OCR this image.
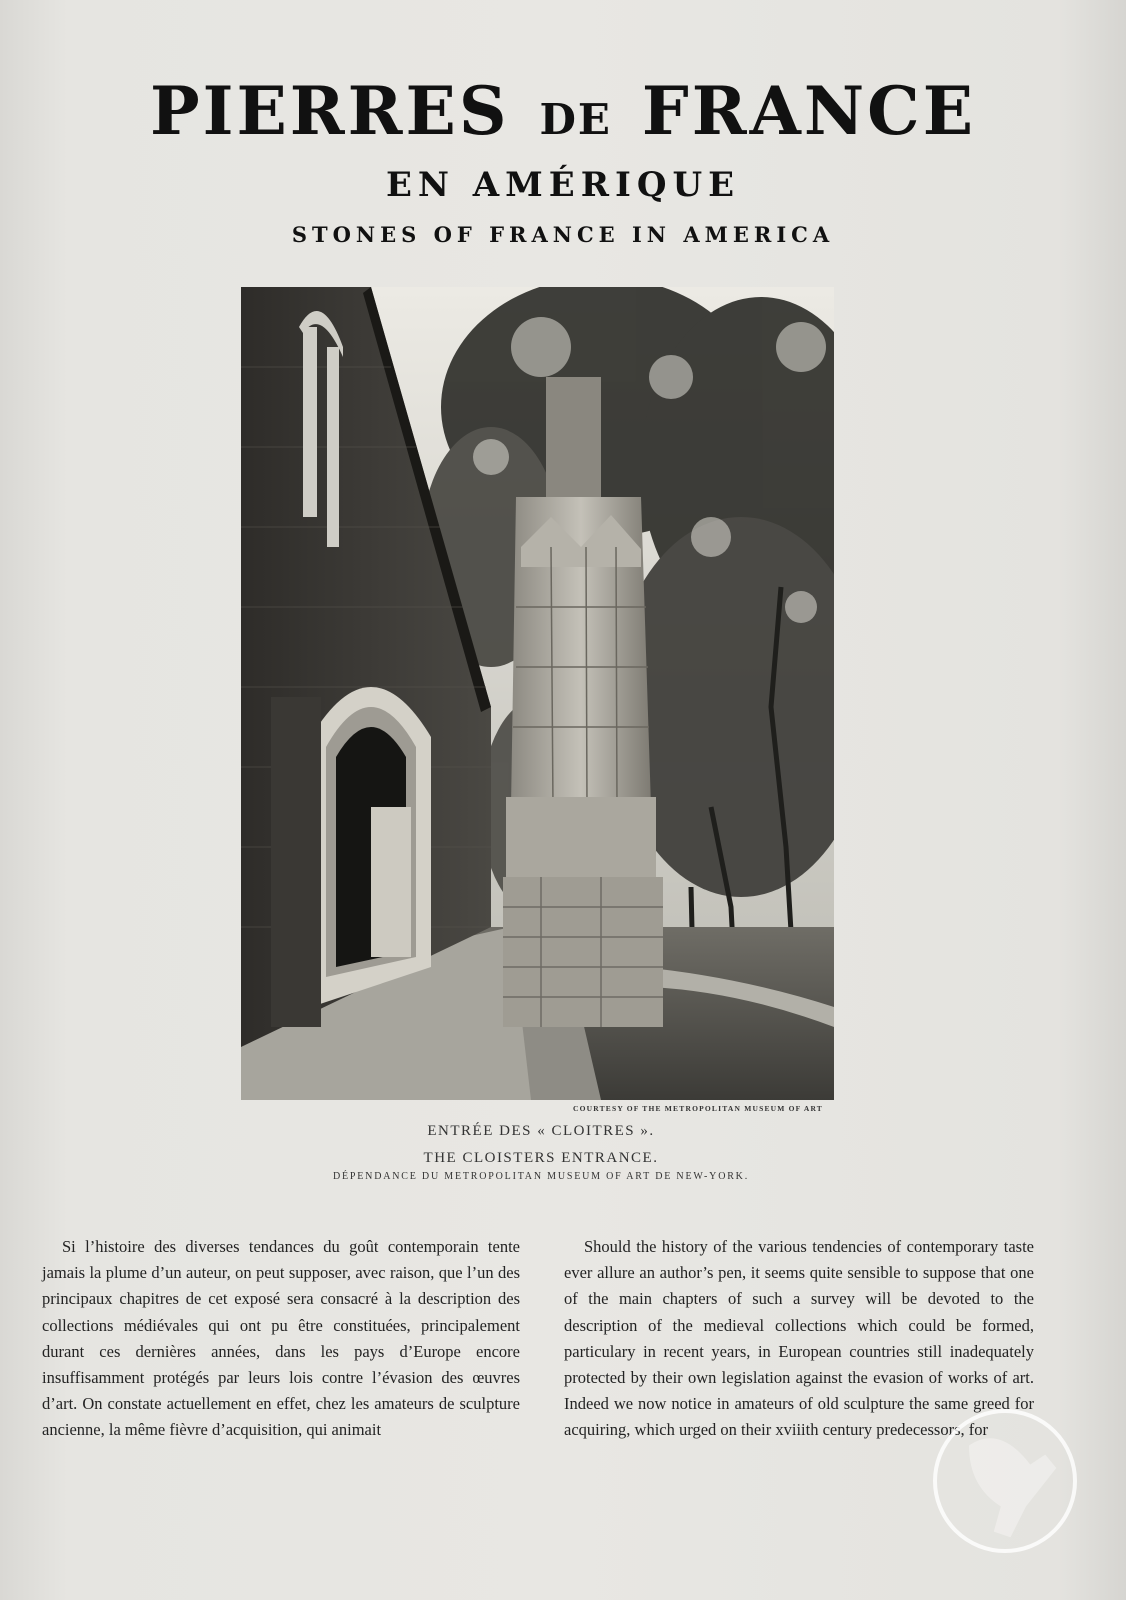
PIERRES DE FRANCE
EN AMÉRIQUE
STONES OF FRANCE IN AMERICA
COURTESY OF THE METROPOLITAN MUSEUM OF ART
ENTRÉE DES « CLOITRES ».
THE CLOISTERS ENTRANCE.
DÉPENDANCE DU METROPOLITAN MUSEUM OF ART DE NEW-YORK.

Si l’histoire des diverses tendances du goût contemporain tente jamais la plume d’un auteur, on peut supposer, avec raison, que l’un des principaux chapitres de cet exposé sera consacré à la description des collections médiévales qui ont pu être constituées, principalement durant ces dernières années, dans les pays d’Europe encore insuffisamment protégés par leurs lois contre l’évasion des œuvres d’art. On constate actuellement en effet, chez les amateurs de sculpture ancienne, la même fièvre d’acquisition, qui animait

Should the history of the various tendencies of contemporary taste ever allure an author’s pen, it seems quite sensible to suppose that one of the main chapters of such a survey will be devoted to the description of the medieval collections which could be formed, particulary in recent years, in European countries still inadequately protected by their own legislation against the evasion of works of art. Indeed we now notice in amateurs of old sculpture the same greed for acquiring, which urged on their xviiith century predecessors, for
